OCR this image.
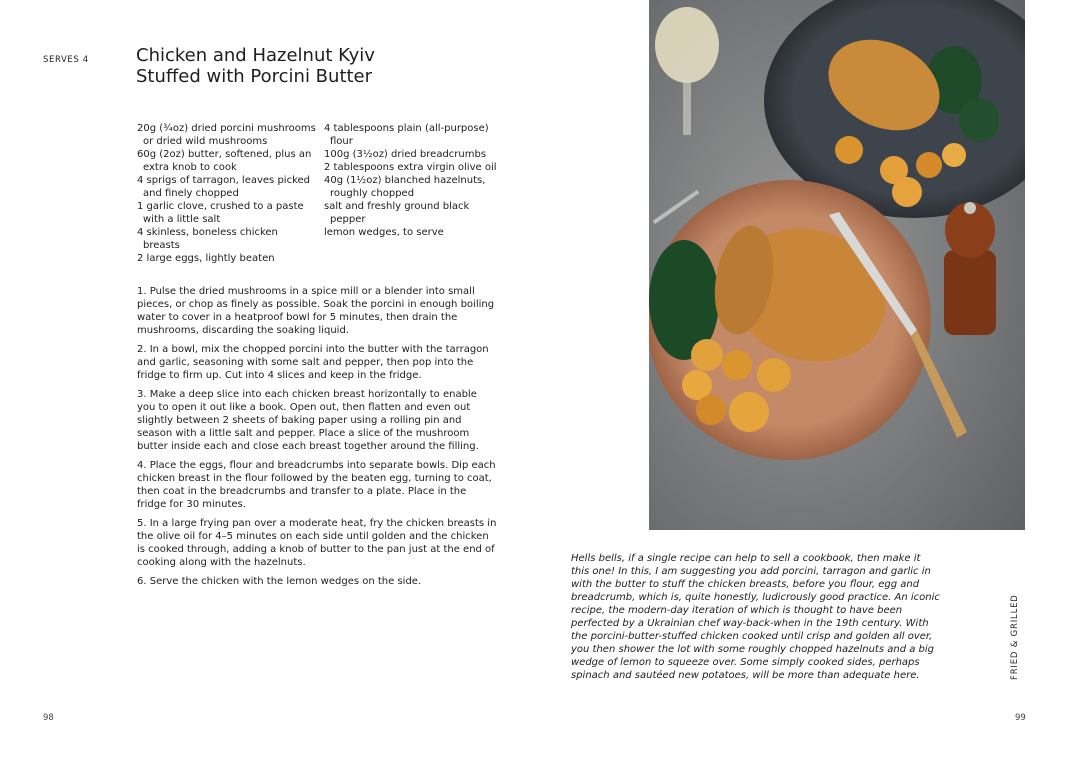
SERVES 4	Chicken and Hazelnut Kyiv
Stuffed with Porcini Butter
20g (¾oz) dried porcini mushrooms
or dried wild mushrooms
60g (2oz) butter, softened, plus an
extra knob to cook
4 sprigs of tarragon, leaves picked
and finely chopped
1 garlic clove, crushed to a paste
with a little salt
4 skinless, boneless chicken
breasts
2 large eggs, lightly beaten
4 tablespoons plain (all-purpose)
flour
100g (3½oz) dried breadcrumbs
2 tablespoons extra virgin olive oil
40g (1½oz) blanched hazelnuts,
roughly chopped
salt and freshly ground black
pepper
lemon wedges, to serve

1. Pulse the dried mushrooms in a spice mill or a blender into small pieces, or chop as finely as possible. Soak the porcini in enough boiling water to cover in a heatproof bowl for 5 minutes, then drain the mushrooms, discarding the soaking liquid.

2. In a bowl, mix the chopped porcini into the butter with the tarragon and garlic, seasoning with some salt and pepper, then pop into the fridge to firm up. Cut into 4 slices and keep in the fridge.

3. Make a deep slice into each chicken breast horizontally to enable you to open it out like a book. Open out, then flatten and even out slightly between 2 sheets of baking paper using a rolling pin and season with a little salt and pepper. Place a slice of the mushroom butter inside each and close each breast together around the filling.

4. Place the eggs, flour and breadcrumbs into separate bowls. Dip each chicken breast in the flour followed by the beaten egg, turning to coat, then coat in the breadcrumbs and transfer to a plate. Place in the fridge for 30 minutes.

5. In a large frying pan over a moderate heat, fry the chicken breasts in the olive oil for 4–5 minutes on each side until golden and the chicken is cooked through, adding a knob of butter to the pan just at the end of cooking along with the hazelnuts.

6. Serve the chicken with the lemon wedges on the side.

98
Hells bells, if a single recipe can help to sell a cookbook, then make it this one! In this, I am suggesting you add porcini, tarragon and garlic in with the butter to stuff the chicken breasts, before you flour, egg and breadcrumb, which is, quite honestly, ludicrously good practice. An iconic recipe, the modern-day iteration of which is thought to have been perfected by a Ukrainian chef way-back-when in the 19th century. With the porcini-butter-stuffed chicken cooked until crisp and golden all over, you then shower the lot with some roughly chopped hazelnuts and a big wedge of lemon to squeeze over. Some simply cooked sides, perhaps spinach and sautéed new potatoes, will be more than adequate here.	FRIED & GRILLED
99
